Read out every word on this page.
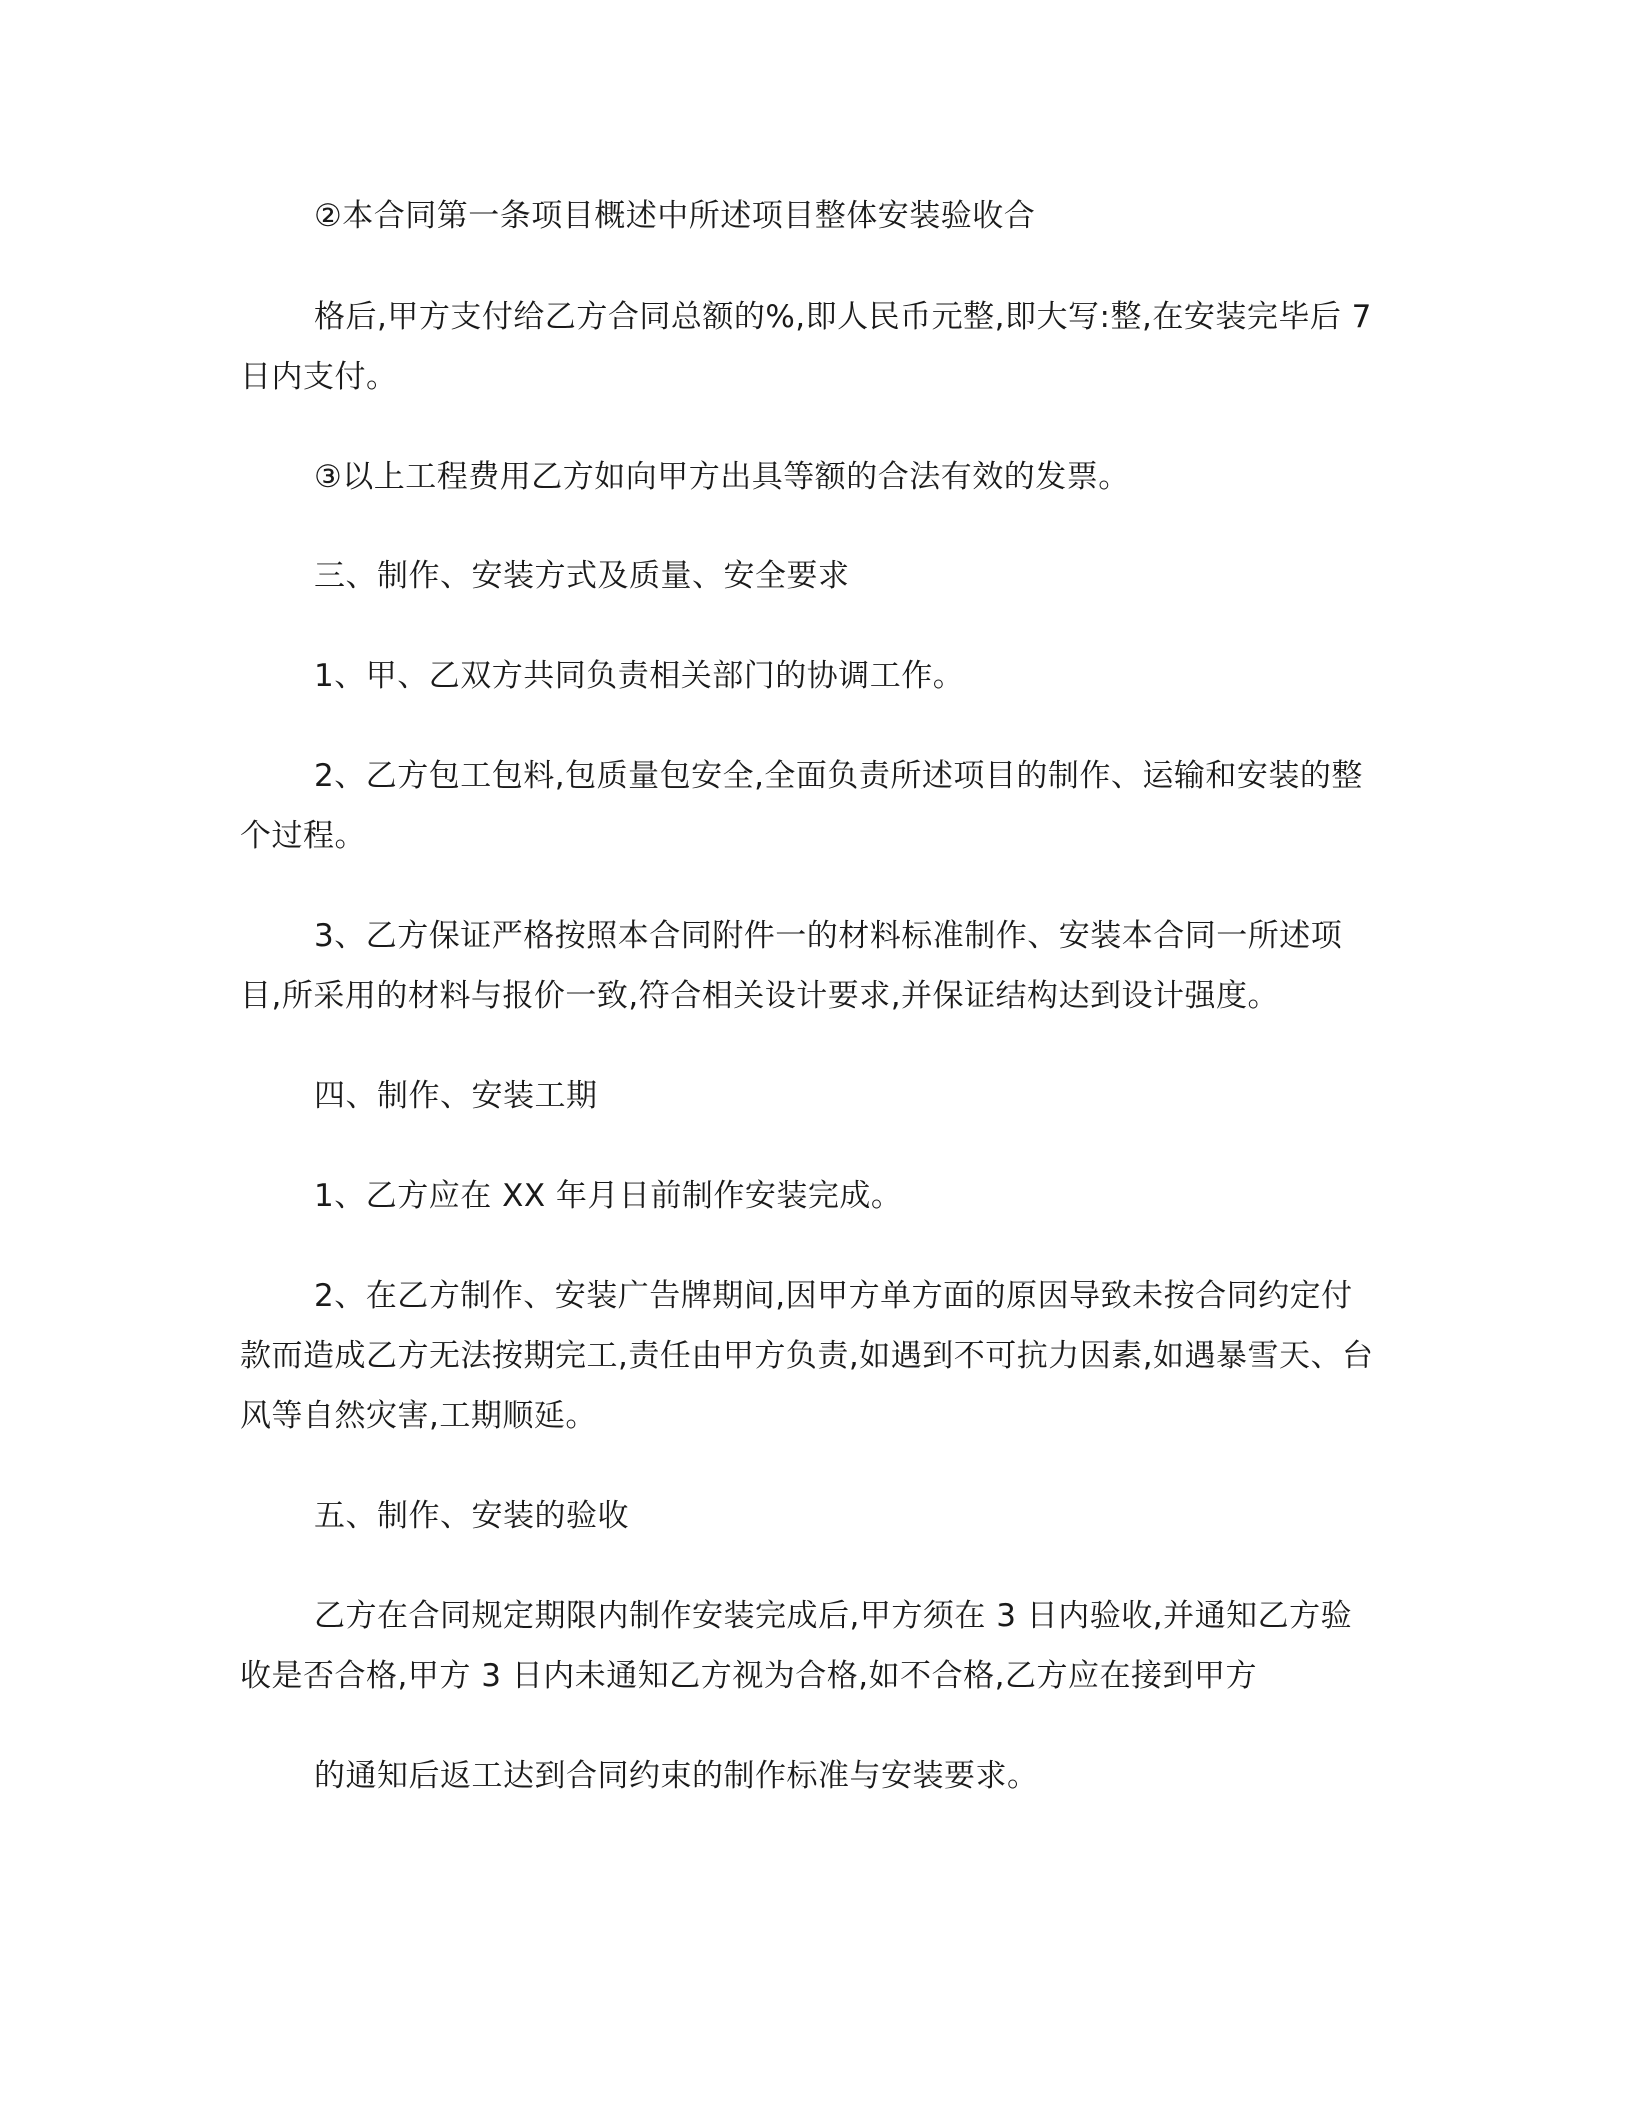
②本合同第一条项目概述中所述项目整体安装验收合
格后,甲方支付给乙方合同总额的%,即人民币元整,即大写:整,在安装完毕后 7
日内支付。
③以上工程费用乙方如向甲方出具等额的合法有效的发票。
三、制作、安装方式及质量、安全要求
1、甲、乙双方共同负责相关部门的协调工作。
2、乙方包工包料,包质量包安全,全面负责所述项目的制作、运输和安装的整
个过程。
3、乙方保证严格按照本合同附件一的材料标准制作、安装本合同一所述项
目,所采用的材料与报价一致,符合相关设计要求,并保证结构达到设计强度。
四、制作、安装工期
1、乙方应在 XX 年月日前制作安装完成。
2、在乙方制作、安装广告牌期间,因甲方单方面的原因导致未按合同约定付
款而造成乙方无法按期完工,责任由甲方负责,如遇到不可抗力因素,如遇暴雪天、台
风等自然灾害,工期顺延。
五、制作、安装的验收
乙方在合同规定期限内制作安装完成后,甲方须在 3 日内验收,并通知乙方验
收是否合格,甲方 3 日内未通知乙方视为合格,如不合格,乙方应在接到甲方
的通知后返工达到合同约束的制作标准与安装要求。
